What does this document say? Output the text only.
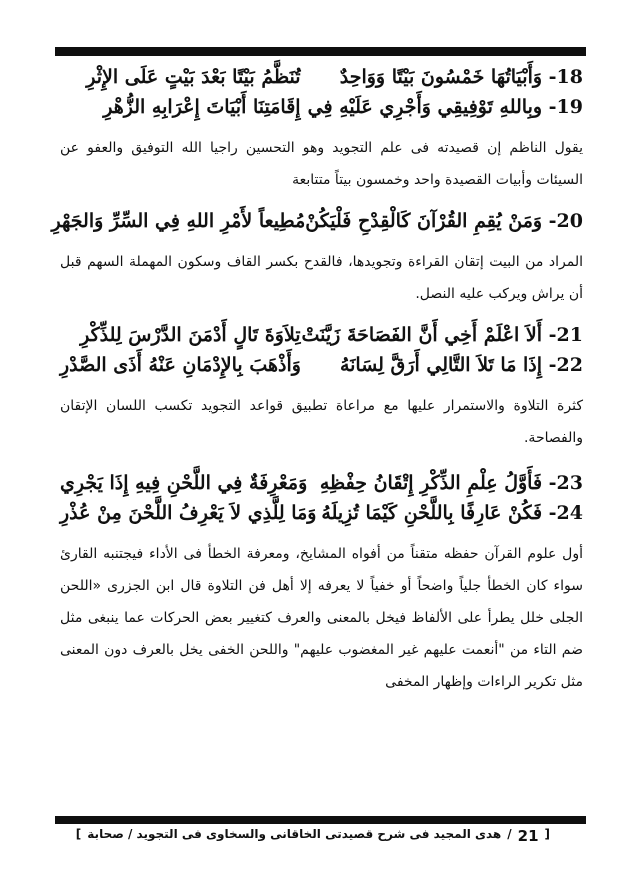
18- وَأَبْيَاتُهَا خَمْسُونَ بَيْتًا وَوَاحِدٌ
تُنَظَّمُ بَيْتًا بَعْدَ بَيْتٍ عَلَى الإِثْرِ
19- وبِاللهِ تَوْفِيقِي وَأَجْرِي عَلَيْهِ فِي
إِقَامَتِنَا أَبْيَاتَ إِعْرَابِهِ الزُّهْرِ

يقول الناظم إن قصيدته فى علم التجويد وهو التحسين راجيا الله التوفيق والعفو عن السيئات وأبيات القصيدة واحد وخمسون بيتاً متتابعة

20- وَمَنْ يُقِمِ القُرْآنَ كَالْقِدْحِ فَلْيَكُنْ
مُطِيعاً لأَمْرِ اللهِ فِي السِّرِّ وَالجَهْرِ

المراد من البيت إتقان القراءة وتجويدها، فالقدح بكسر القاف وسكون المهملة السهم قبل أن يراش ويركب عليه النصل.

21- أَلاَ اعْلَمْ أَخِي أَنَّ الفَصَاحَةَ زَيَّنَتْ
تِلاَوَةَ تَالٍ أَدْمَنَ الدَّرْسَ لِلذِّكْرِ
22- إِذَا مَا تَلاَ التَّالِي أَرَقَّ لِسَانَهُ
وَأَذْهَبَ بِالإِدْمَانِ عَنْهُ أَذَى الصَّدْرِ

كثرة التلاوة والاستمرار عليها مع مراعاة تطبيق قواعد التجويد تكسب اللسان الإتقان والفصاحة.

23- فَأَوَّلُ عِلْمِ الذِّكْرِ إِتْقَانُ حِفْظِهِ
وَمَعْرِفَةٌ فِي اللَّحْنِ فِيهِ إِذَا يَجْرِي
24- فَكُنْ عَارِفًا بِاللَّحْنِ كَيْمَا تُزِيلَهُ
وَمَا لِلَّذِي لاَ يَعْرِفُ اللَّحْنَ مِنْ عُذْرِ

أول علوم القرآن حفظه متقناً من أفواه المشايخ، ومعرفة الخطأ فى الأداء فيجتنبه القارئ سواء كان الخطأ جلياً واضحاً أو خفياً لا يعرفه إلا أهل فن التلاوة قال ابن الجزرى «اللحن الجلى خلل يطرأ على الألفاظ فيخل بالمعنى والعرف كتغيير بعض الحركات عما ينبغى مثل ضم التاء من "أنعمت عليهم غير المغضوب عليهم" واللحن الخفى يخل بالعرف دون المعنى مثل تكرير الراءات وإظهار المخفى

[
21
/
هدى المجيد فى شرح قصيدتى الخاقانى والسخاوى فى التجويد / صحابة
]
